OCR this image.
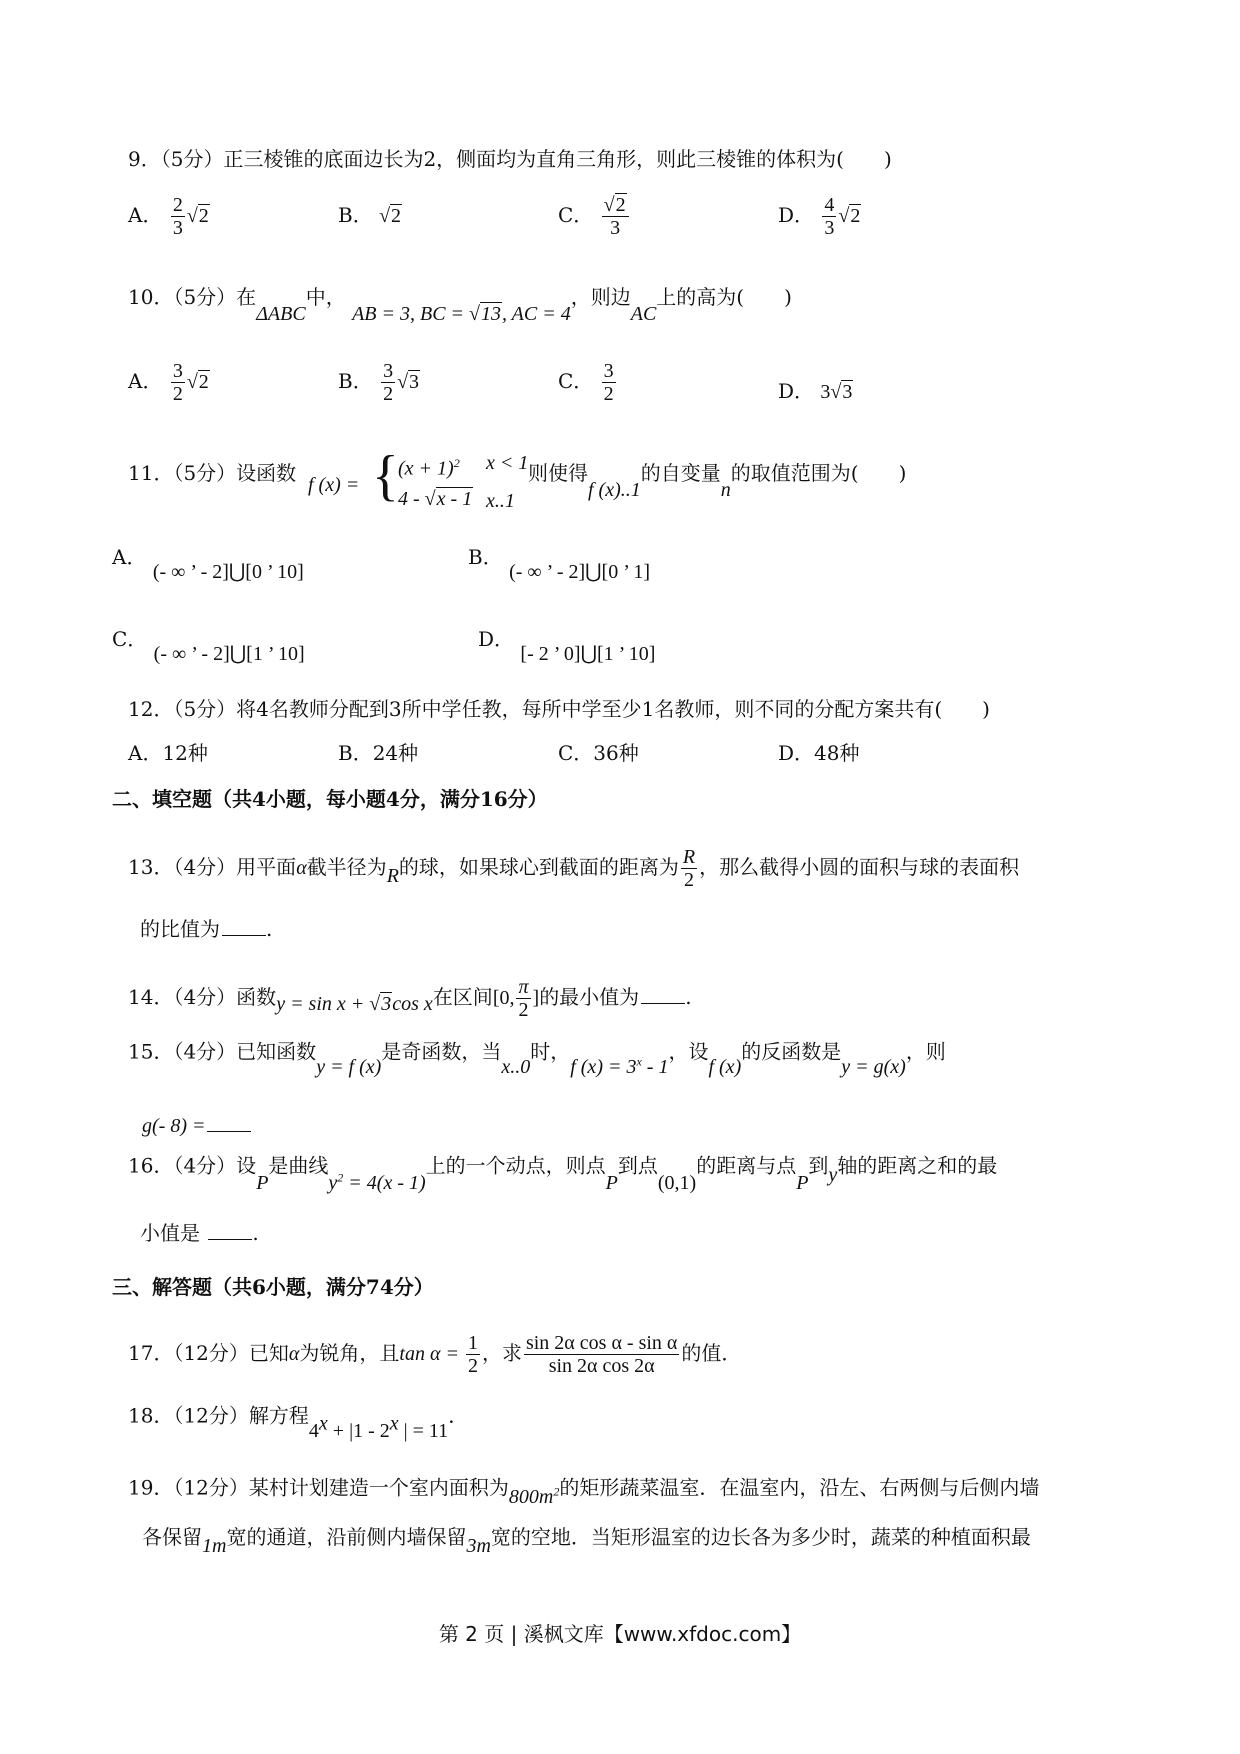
9．（5分）正三棱锥的底面边长为2，侧面均为直角三角形，则此三棱锥的体积为(　　)
A． $\frac{2}{3} √2$	B． √2	C． $\frac{√2}{3}$	D． $\frac{4}{3} √2$
10．（5分）在ΔABC中， AB = 3, BC = √13, AC = 4，则边AC上的高为(　　)
A． $\frac{3}{2} √2$	B． $\frac{3}{2} √3$	C． $\frac{3}{2}$	D． 3√3
11．（5分）设函数 f (x) = { $(x + 1)^2$ x < 1
4 - √x - 1 x..1
则使得f (x)..1的自变量n的取值范围为(　　)
A． (- ∞ ’ - 2]⋃[0 ’ 10]
B． (- ∞ ’ - 2]⋃[0 ’ 1]
C． (- ∞ ’ - 2]⋃[1 ’ 10]
D． [- 2 ’ 0]⋃[1 ’ 10]
12．（5分）将4名教师分配到3所中学任教，每所中学至少1名教师，则不同的分配方案共有(　　)
A．12种	B．24种	C．36种	D．48种
二、填空题（共4小题，每小题4分，满分16分）
13．（4分）用平面α截半径为R的球，如果球心到截面的距离为 $\frac{R}{2}$ ，那么截得小圆的面积与球的表面积
的比值为 .
14．（4分）函数y = sin x + √3cos x在区间[0, $\frac{\pi}{2}$ ]的最小值为 .
15．（4分）已知函数y = f (x)是奇函数，当x..0时，f $(x) = 3^x - 1$，设f (x)的反函数是y = g(x)，则
g(- 8) =
16．（4分）设P是曲线$y^2 = 4(x - 1)$上的一个动点，则点P到点(0,1)的距离与点P到y轴的距离之和的最
小值是	.
三、解答题（共6小题，满分74分）
17．（12分）已知α为锐角，且$\tan \alpha = \frac{1}{2}$ ，求 $\frac{\text{sin 2α cos α - sin α}}{\text{sin 2α cos 2α}}$ 的值．
18．（12分）解方程$4^x + |1 - 2^x$ | = 11．
19．（12分）某村计划建造一个室内面积为$800m^2$的矩形蔬菜温室．在温室内，沿左、右两侧与后侧内墙
各保留1m宽的通道，沿前侧内墙保留3m宽的空地．当矩形温室的边长各为多少时，蔬菜的种植面积最
第 2 页 | 溪枫文库【www.xfdoc.com】
